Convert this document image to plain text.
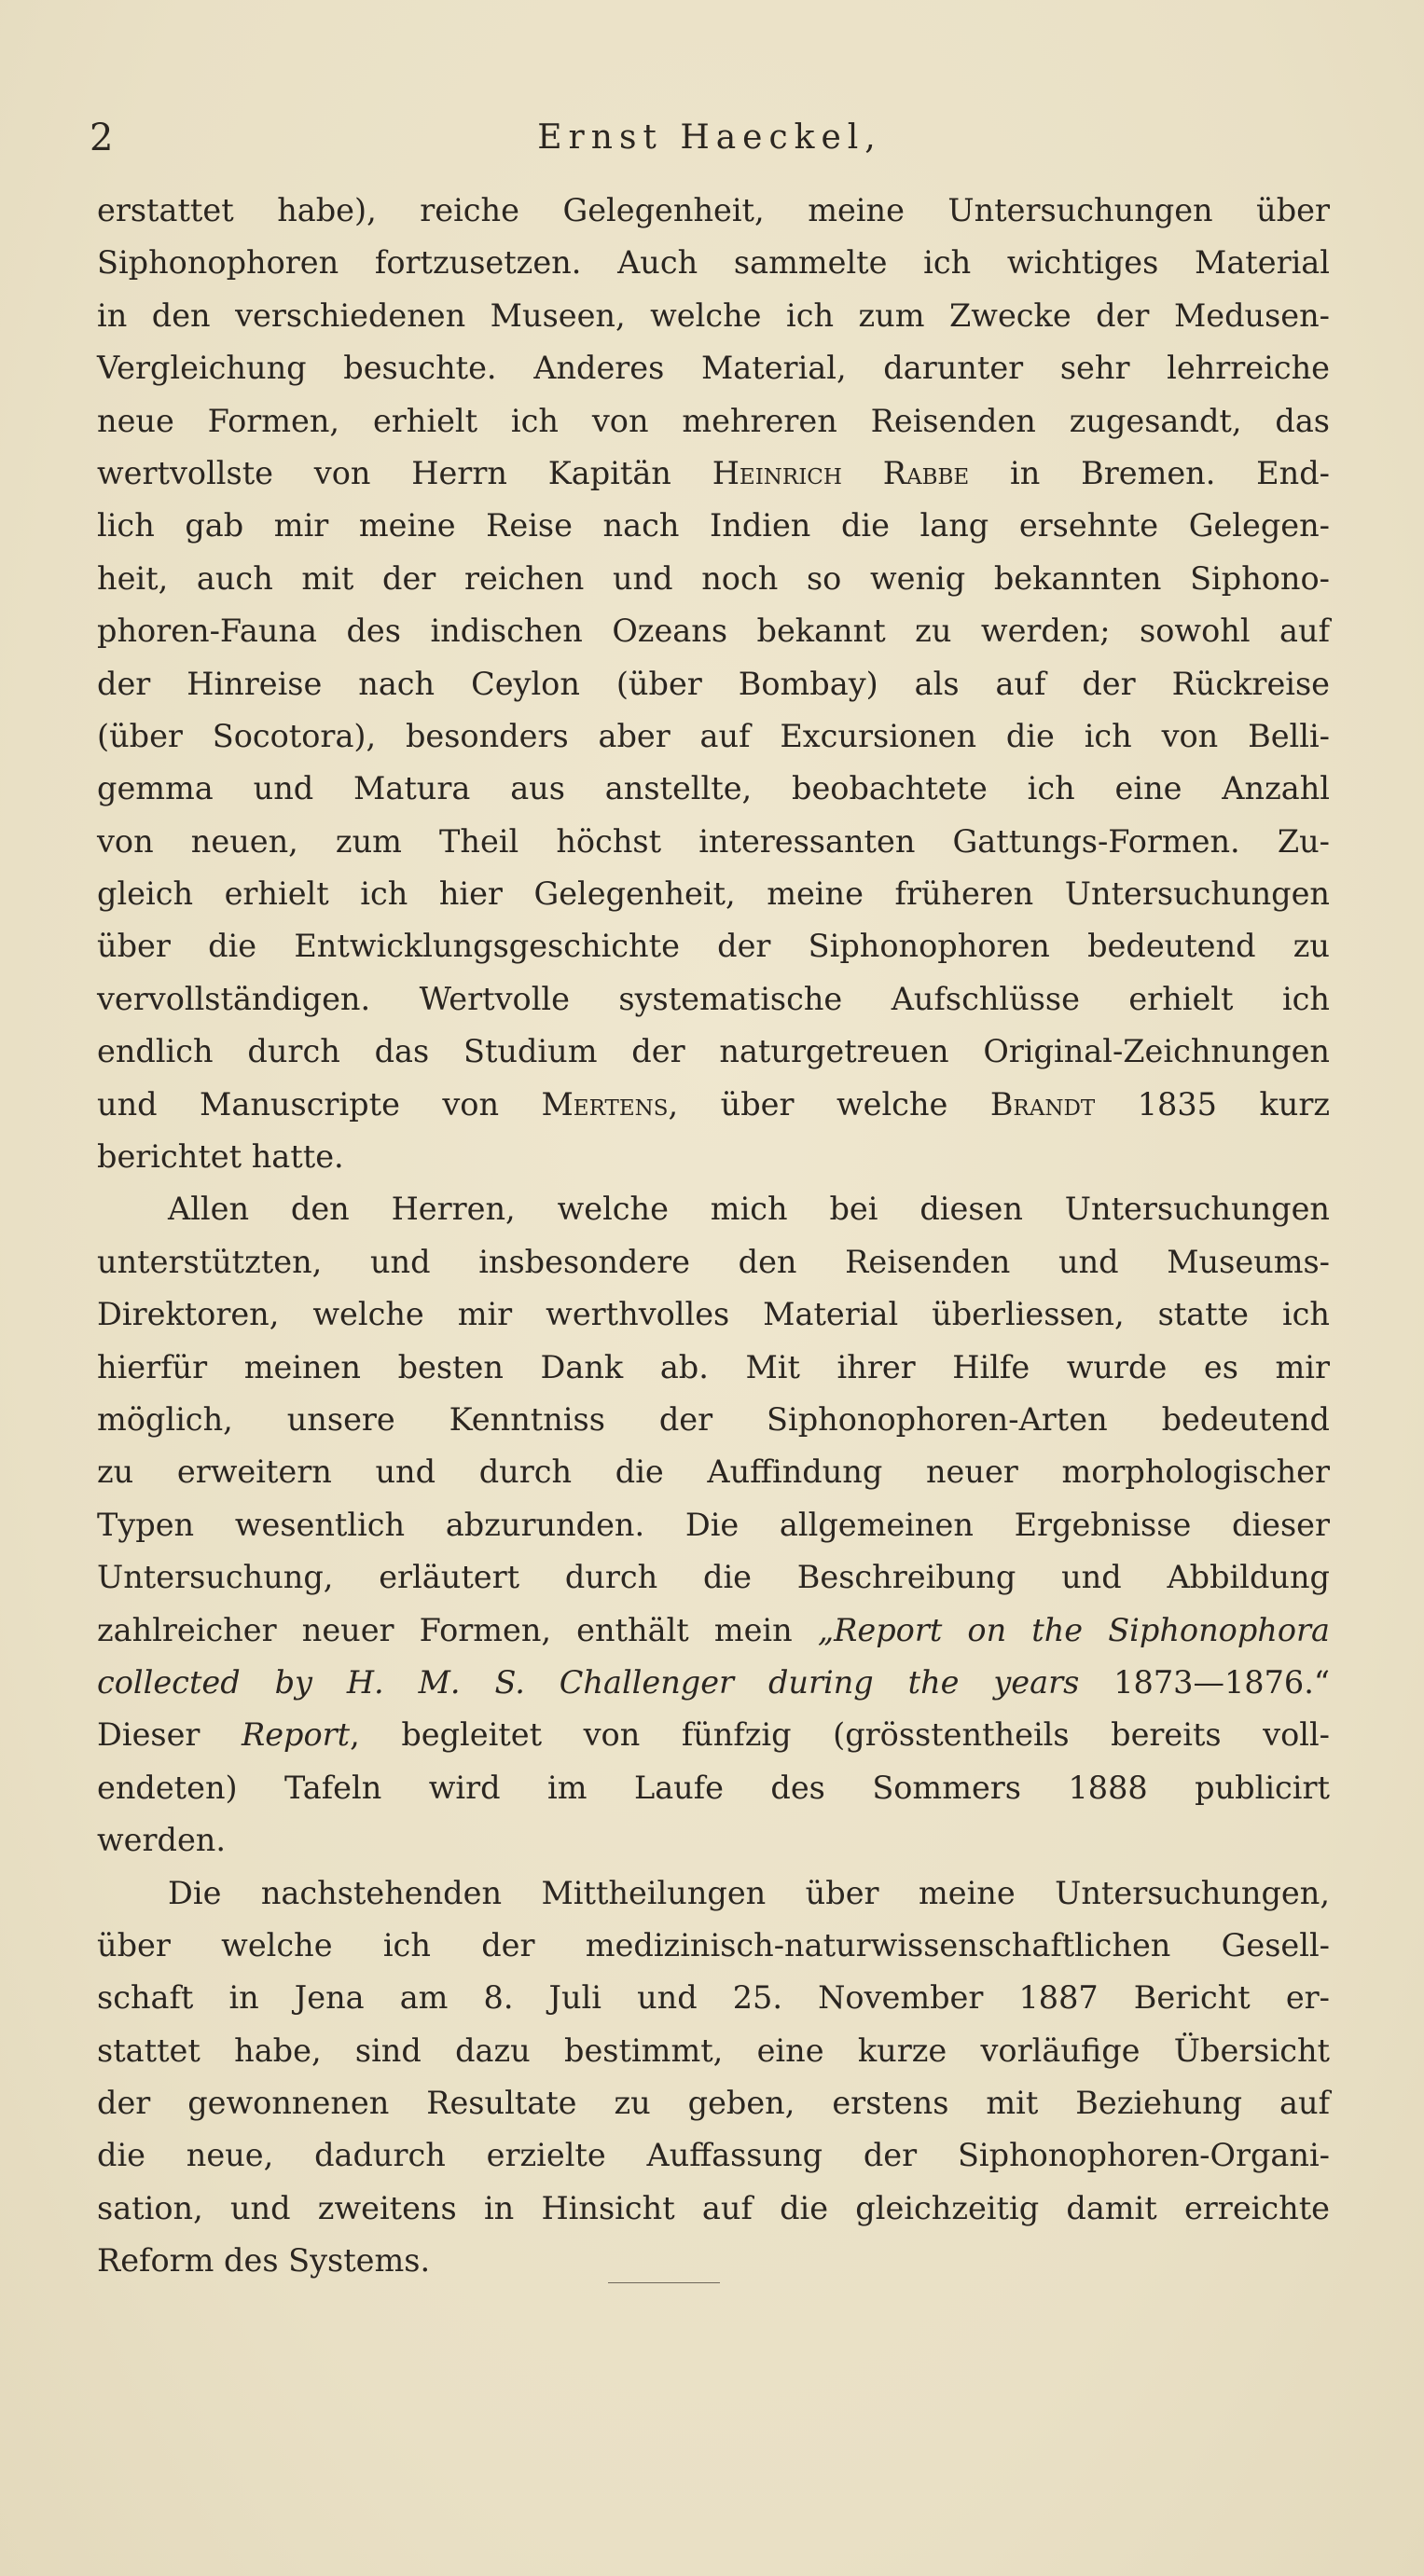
2	Ernst Haeckel,
erstattet habe), reiche Gelegenheit, meine Untersuchungen über
Siphonophoren fortzusetzen. Auch sammelte ich wichtiges Material
in den verschiedenen Museen, welche ich zum Zwecke der Medusen-
Vergleichung besuchte. Anderes Material, darunter sehr lehrreiche
neue Formen, erhielt ich von mehreren Reisenden zugesandt, das
wertvollste von Herrn Kapitän Heinrich Rabbe in Bremen. End-
lich gab mir meine Reise nach Indien die lang ersehnte Gelegen-
heit, auch mit der reichen und noch so wenig bekannten Siphono-
phoren-Fauna des indischen Ozeans bekannt zu werden; sowohl auf
der Hinreise nach Ceylon (über Bombay) als auf der Rückreise
(über Socotora), besonders aber auf Excursionen die ich von Belli-
gemma und Matura aus anstellte, beobachtete ich eine Anzahl
von neuen, zum Theil höchst interessanten Gattungs-Formen. Zu-
gleich erhielt ich hier Gelegenheit, meine früheren Untersuchungen
über die Entwicklungsgeschichte der Siphonophoren bedeutend zu
vervollständigen. Wertvolle systematische Aufschlüsse erhielt ich
endlich durch das Studium der naturgetreuen Original-Zeichnungen
und Manuscripte von Mertens, über welche Brandt 1835 kurz
berichtet hatte.
Allen den Herren, welche mich bei diesen Untersuchungen
unterstützten, und insbesondere den Reisenden und Museums-
Direktoren, welche mir werthvolles Material überliessen, statte ich
hierfür meinen besten Dank ab. Mit ihrer Hilfe wurde es mir
möglich, unsere Kenntniss der Siphonophoren-Arten bedeutend
zu erweitern und durch die Auffindung neuer morphologischer
Typen wesentlich abzurunden. Die allgemeinen Ergebnisse dieser
Untersuchung, erläutert durch die Beschreibung und Abbildung
zahlreicher neuer Formen, enthält mein „Report on the Siphonophora
collected by H. M. S. Challenger during the years 1873—1876.“
Dieser Report, begleitet von fünfzig (grösstentheils bereits voll-
endeten) Tafeln wird im Laufe des Sommers 1888 publicirt
werden.
Die nachstehenden Mittheilungen über meine Untersuchungen,
über welche ich der medizinisch-naturwissenschaftlichen Gesell-
schaft in Jena am 8. Juli und 25. November 1887 Bericht er-
stattet habe, sind dazu bestimmt, eine kurze vorläufige Übersicht
der gewonnenen Resultate zu geben, erstens mit Beziehung auf
die neue, dadurch erzielte Auffassung der Siphonophoren-Organi-
sation, und zweitens in Hinsicht auf die gleichzeitig damit erreichte
Reform des Systems.
